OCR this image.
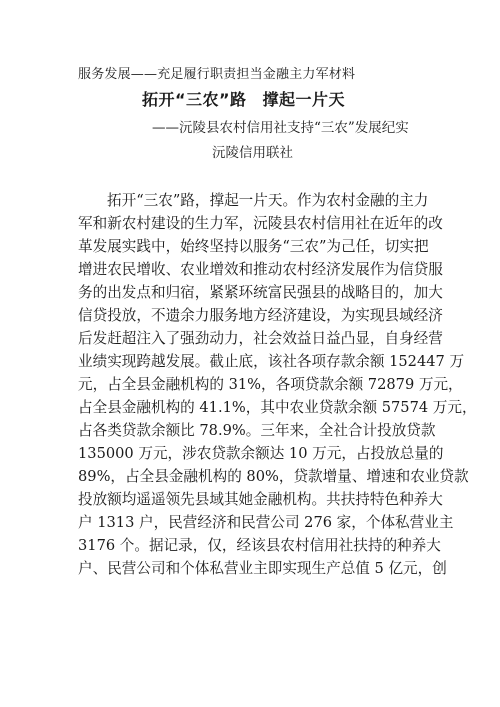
服务发展——充足履行职责担当金融主力军材料

拓开“三农”路 撑起一片天

——沅陵县农村信用社支持“三农”发展纪实

沅陵信用联社

拓开“三农”路，撑起一片天。作为农村金融的主力
军和新农村建设的生力军，沅陵县农村信用社在近年的改
革发展实践中，始终坚持以服务“三农”为己任，切实把
增进农民增收、农业增效和推动农村经济发展作为信贷服
务的出发点和归宿，紧紧环统富民强县的战略目的，加大
信贷投放，不遗余力服务地方经济建设，为实现县域经济
后发赶超注入了强劲动力，社会效益日益凸显，自身经营
业绩实现跨越发展。截止底，该社各项存款余额 152447 万
元，占全县金融机构的 31%，各项贷款余额 72879 万元，
占全县金融机构的 41.1%，其中农业贷款余额 57574 万元，
占各类贷款余额比 78.9%。三年来，全社合计投放贷款
135000 万元，涉农贷款余额达 10 万元，占投放总量的
89%，占全县金融机构的 80%，贷款增量、增速和农业贷款
投放额均遥遥领先县域其她金融机构。共扶持特色种养大
户 1313 户，民营经济和民营公司 276 家，个体私营业主
3176 个。据记录，仅，经该县农村信用社扶持的种养大
户、民营公司和个体私营业主即实现生产总值 5 亿元，创
